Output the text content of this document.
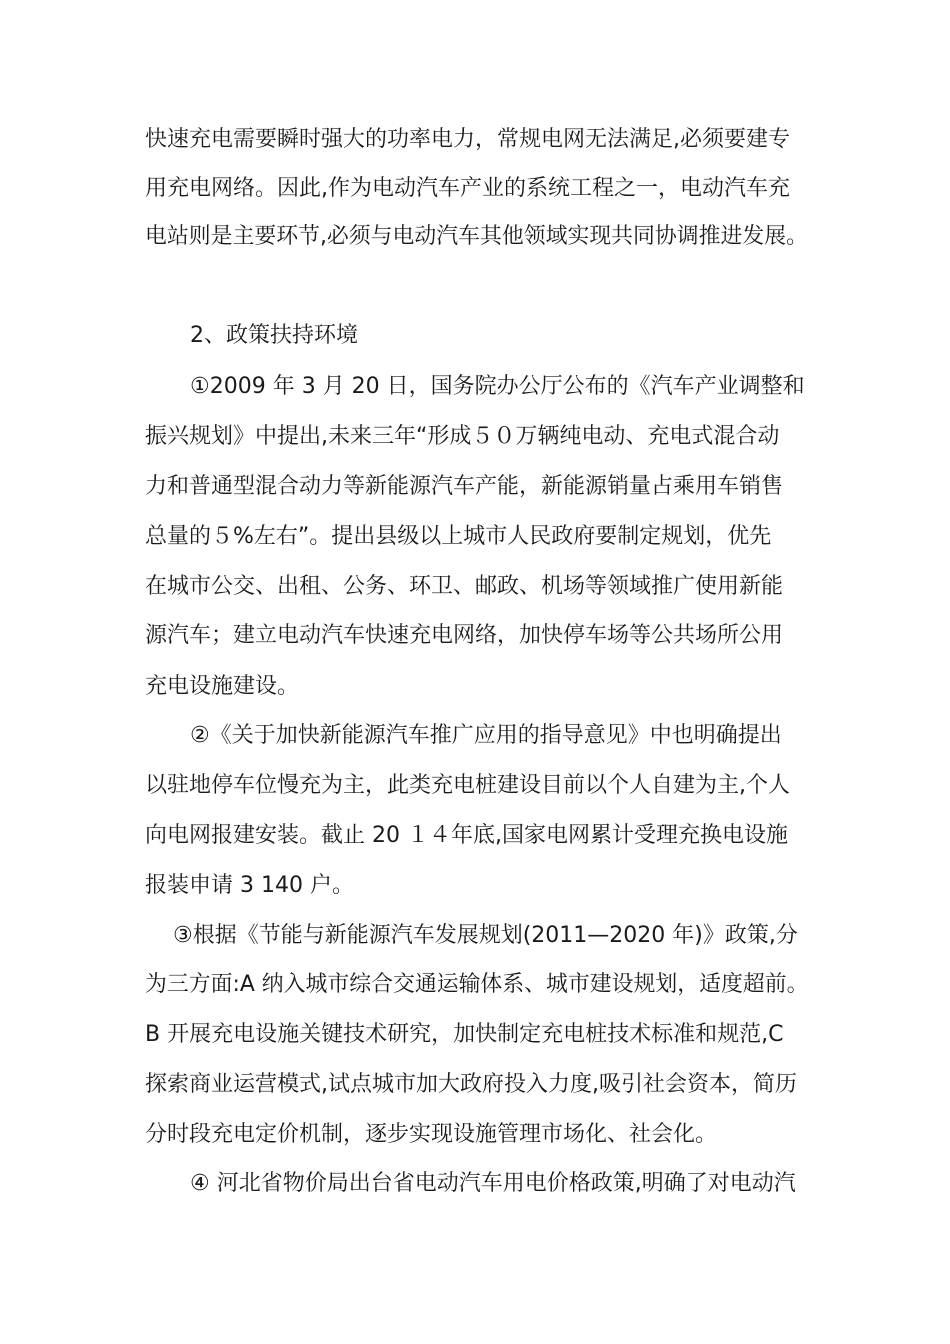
快速充电需要瞬时强大的功率电力，常规电网无法满足,必须要建专
用充电网络。因此,作为电动汽车产业的系统工程之一，电动汽车充
电站则是主要环节,必须与电动汽车其他领域实现共同协调推进发展。
2、政策扶持环境
①2009 年 3 月 20 日，国务院办公厅公布的《汽车产业调整和
振兴规划》中提出,未来三年“形成５０万辆纯电动、充电式混合动
力和普通型混合动力等新能源汽车产能，新能源销量占乘用车销售
总量的５%左右”。提出县级以上城市人民政府要制定规划，优先
在城市公交、出租、公务、环卫、邮政、机场等领域推广使用新能
源汽车；建立电动汽车快速充电网络，加快停车场等公共场所公用
充电设施建设。
②《关于加快新能源汽车推广应用的指导意见》中也明确提出
以驻地停车位慢充为主，此类充电桩建设目前以个人自建为主,个人
向电网报建安装。截止 20 １４年底,国家电网累计受理充换电设施
报装申请 3 140 户。
③根据《节能与新能源汽车发展规划(2011—2020 年)》政策,分
为三方面:A 纳入城市综合交通运输体系、城市建设规划，适度超前。
B 开展充电设施关键技术研究，加快制定充电桩技术标准和规范,C
探索商业运营模式,试点城市加大政府投入力度,吸引社会资本，简历
分时段充电定价机制，逐步实现设施管理市场化、社会化。
④ 河北省物价局出台省电动汽车用电价格政策,明确了对电动汽
